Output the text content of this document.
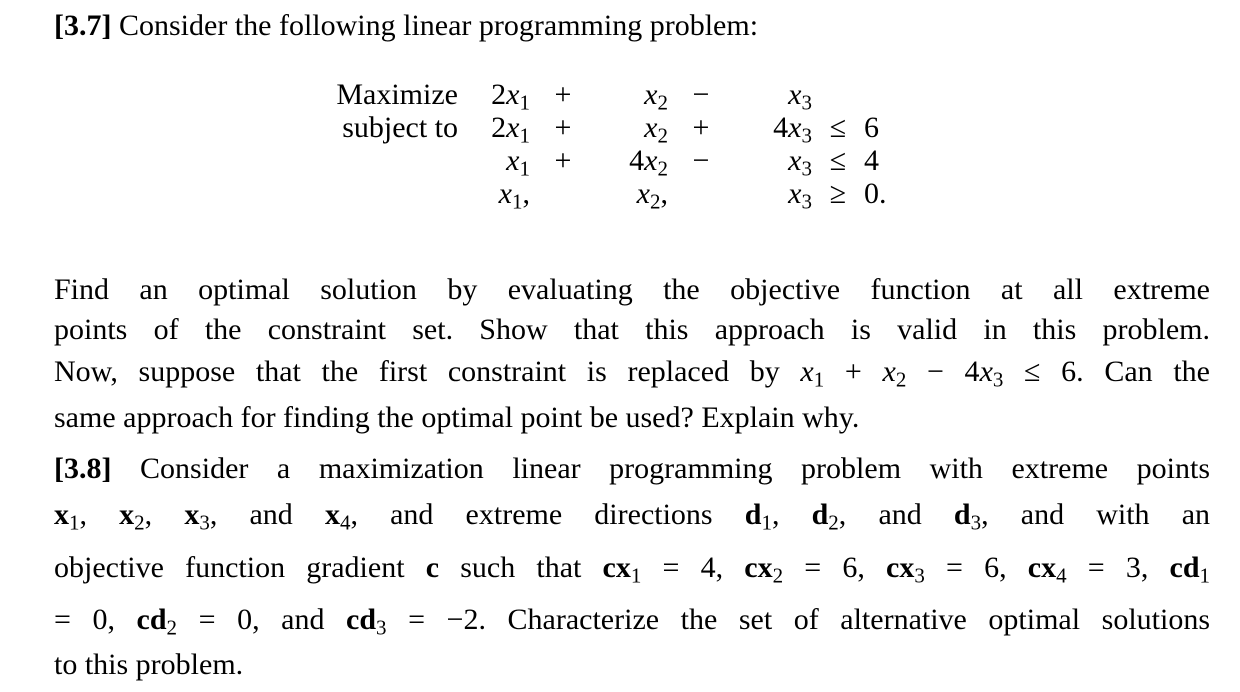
[3.7] Consider the following linear programming problem:
Maximize	$2x_1$	+	$x_2$	−	$x_3$		
subject to	$2x_1$	+	$x_2$	+	$4x_3$	≤	6
	$x_1$	+	$4x_2$	−	$x_3$	≤	4
	$x_1$,		$x_2$,		$x_3$	≥	0.
Find an optimal solution by evaluating the objective function at all extreme
points of the constraint set. Show that this approach is valid in this problem.
Now, suppose that the first constraint is replaced by $x_1 + x_2 - 4x_3 \le 6$. Can the
same approach for finding the optimal point be used? Explain why.
[3.8] Consider a maximization linear programming problem with extreme points
$x_1$, $x_2$, $x_3$, and $x_4$, and extreme directions $d_1$, $d_2$, and $d_3$, and with an
objective function gradient c such that $cx_1 = 4$, $cx_2 = 6$, $cx_3 = 6$, $cx_4 = 3$, $cd_1$
= 0, $cd_2 = 0$, and $cd_3 = -2$. Characterize the set of alternative optimal solutions
to this problem.
